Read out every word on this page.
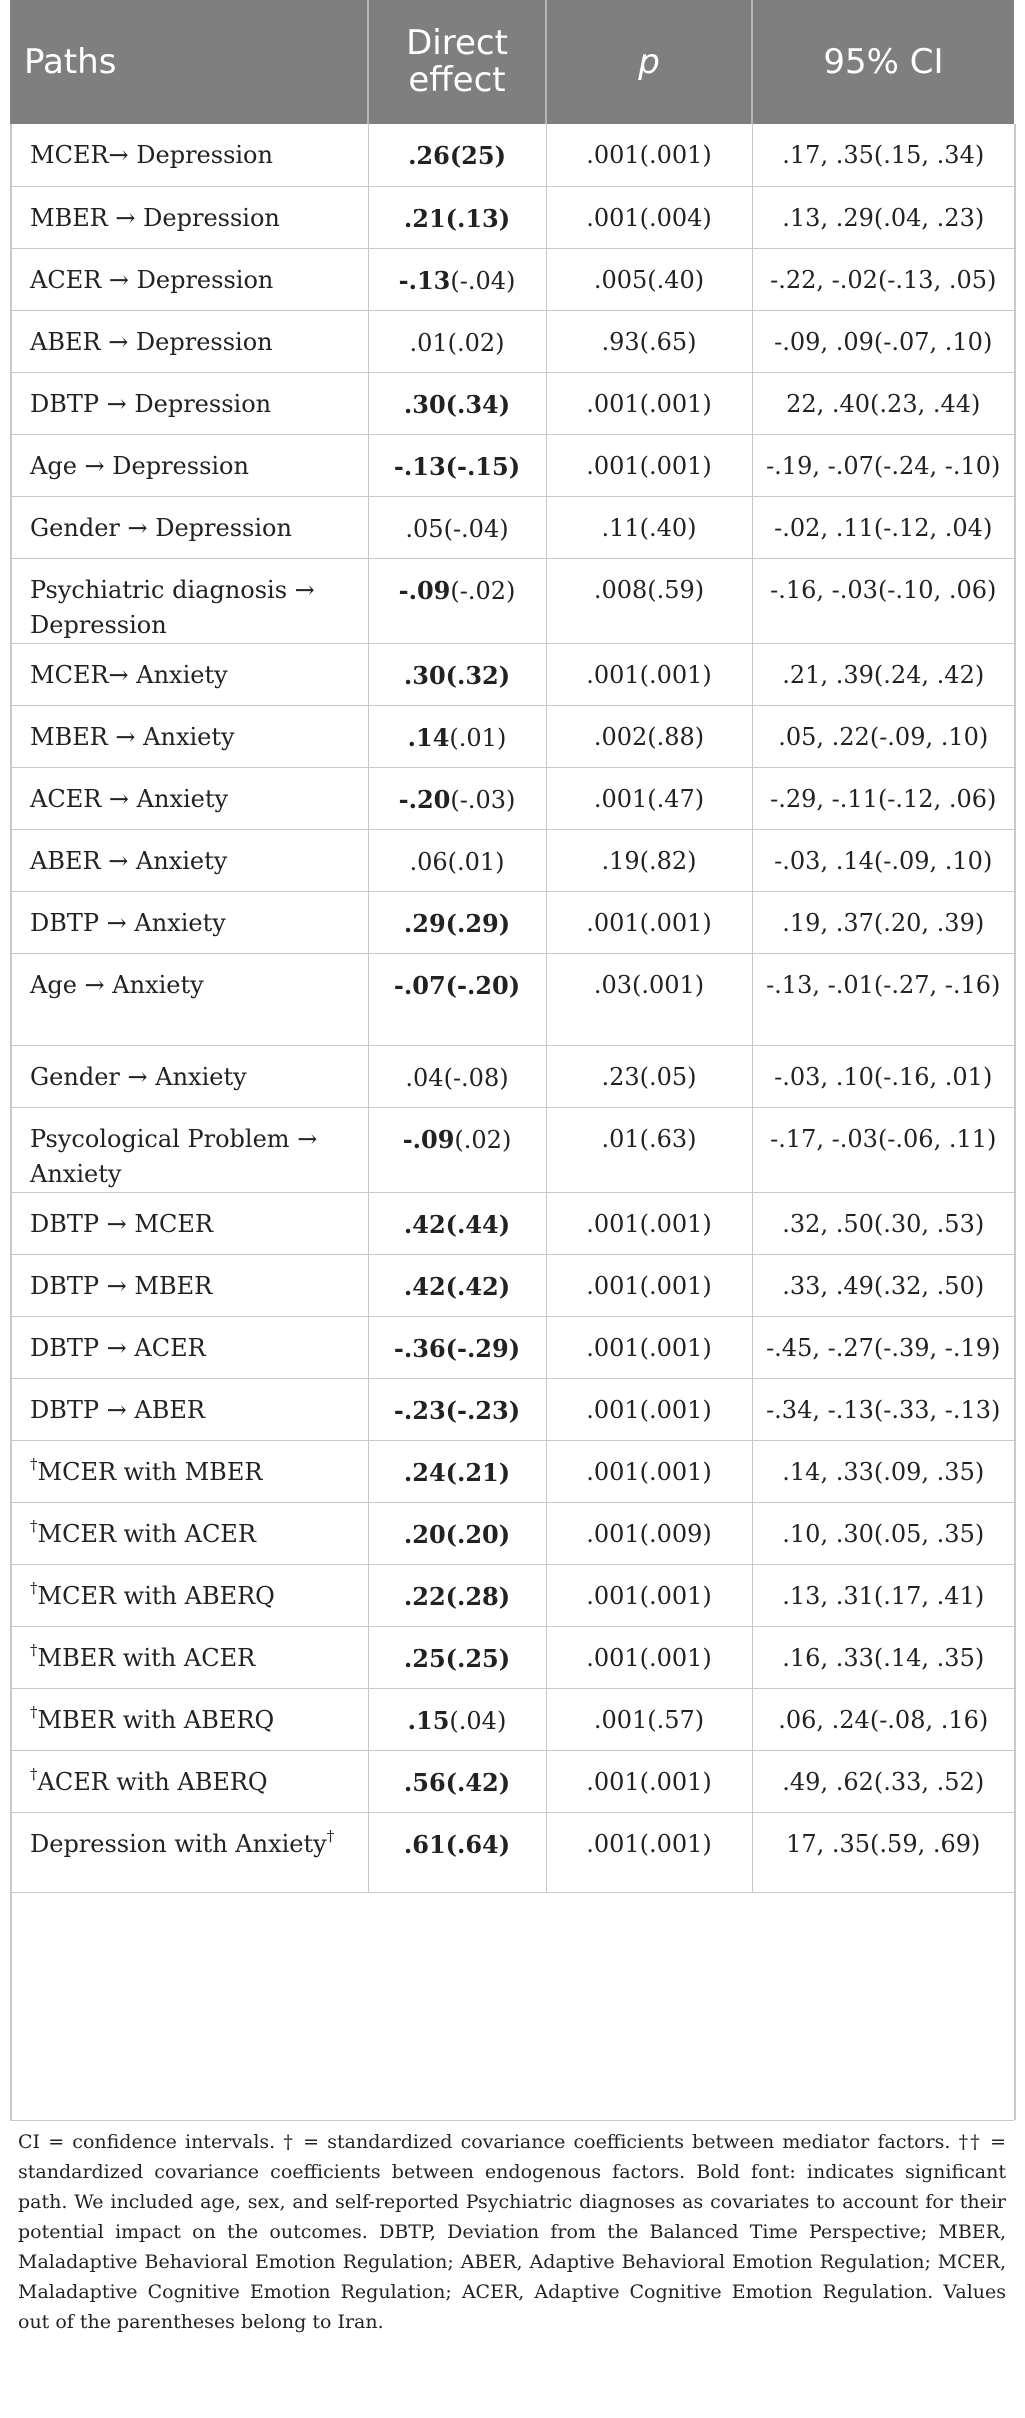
Paths	Direct effect	p	95% CI
MCER→ Depression	.26(25)	.001(.001)	.17, .35(.15, .34)
MBER → Depression	.21(.13)	.001(.004)	.13, .29(.04, .23)
ACER → Depression	-.13(-.04)	.005(.40)	-.22, -.02(-.13, .05)
ABER → Depression	.01(.02)	.93(.65)	-.09, .09(-.07, .10)
DBTP → Depression	.30(.34)	.001(.001)	22, .40(.23, .44)
Age → Depression	-.13(-.15)	.001(.001)	-.19, -.07(-.24, -.10)
Gender → Depression	.05(-.04)	.11(.40)	-.02, .11(-.12, .04)
Psychiatric diagnosis → Depression	-.09(-.02)	.008(.59)	-.16, -.03(-.10, .06)
MCER→ Anxiety	.30(.32)	.001(.001)	.21, .39(.24, .42)
MBER → Anxiety	.14(.01)	.002(.88)	.05, .22(-.09, .10)
ACER → Anxiety	-.20(-.03)	.001(.47)	-.29, -.11(-.12, .06)
ABER → Anxiety	.06(.01)	.19(.82)	-.03, .14(-.09, .10)
DBTP → Anxiety	.29(.29)	.001(.001)	.19, .37(.20, .39)
Age → Anxiety	-.07(-.20)	.03(.001)	-.13, -.01(-.27, -.16)
Gender → Anxiety	.04(-.08)	.23(.05)	-.03, .10(-.16, .01)
Psycological Problem → Anxiety	-.09(.02)	.01(.63)	-.17, -.03(-.06, .11)
DBTP → MCER	.42(.44)	.001(.001)	.32, .50(.30, .53)
DBTP → MBER	.42(.42)	.001(.001)	.33, .49(.32, .50)
DBTP → ACER	-.36(-.29)	.001(.001)	-.45, -.27(-.39, -.19)
DBTP → ABER	-.23(-.23)	.001(.001)	-.34, -.13(-.33, -.13)
†MCER with MBER	.24(.21)	.001(.001)	.14, .33(.09, .35)
†MCER with ACER	.20(.20)	.001(.009)	.10, .30(.05, .35)
†MCER with ABERQ	.22(.28)	.001(.001)	.13, .31(.17, .41)
†MBER with ACER	.25(.25)	.001(.001)	.16, .33(.14, .35)
†MBER with ABERQ	.15(.04)	.001(.57)	.06, .24(-.08, .16)
†ACER with ABERQ	.56(.42)	.001(.001)	.49, .62(.33, .52)
Depression with Anxiety†	.61(.64)	.001(.001)	17, .35(.59, .69)

CI = confidence intervals. † = standardized covariance coefficients between mediator factors. †† = standardized covariance coefficients between endogenous factors. Bold font: indicates significant path. We included age, sex, and self-reported Psychiatric diagnoses as covariates to account for their potential impact on the outcomes. DBTP, Deviation from the Balanced Time Perspective; MBER, Maladaptive Behavioral Emotion Regulation; ABER, Adaptive Behavioral Emotion Regulation; MCER, Maladaptive Cognitive Emotion Regulation; ACER, Adaptive Cognitive Emotion Regulation. Values out of the parentheses belong to Iran.
